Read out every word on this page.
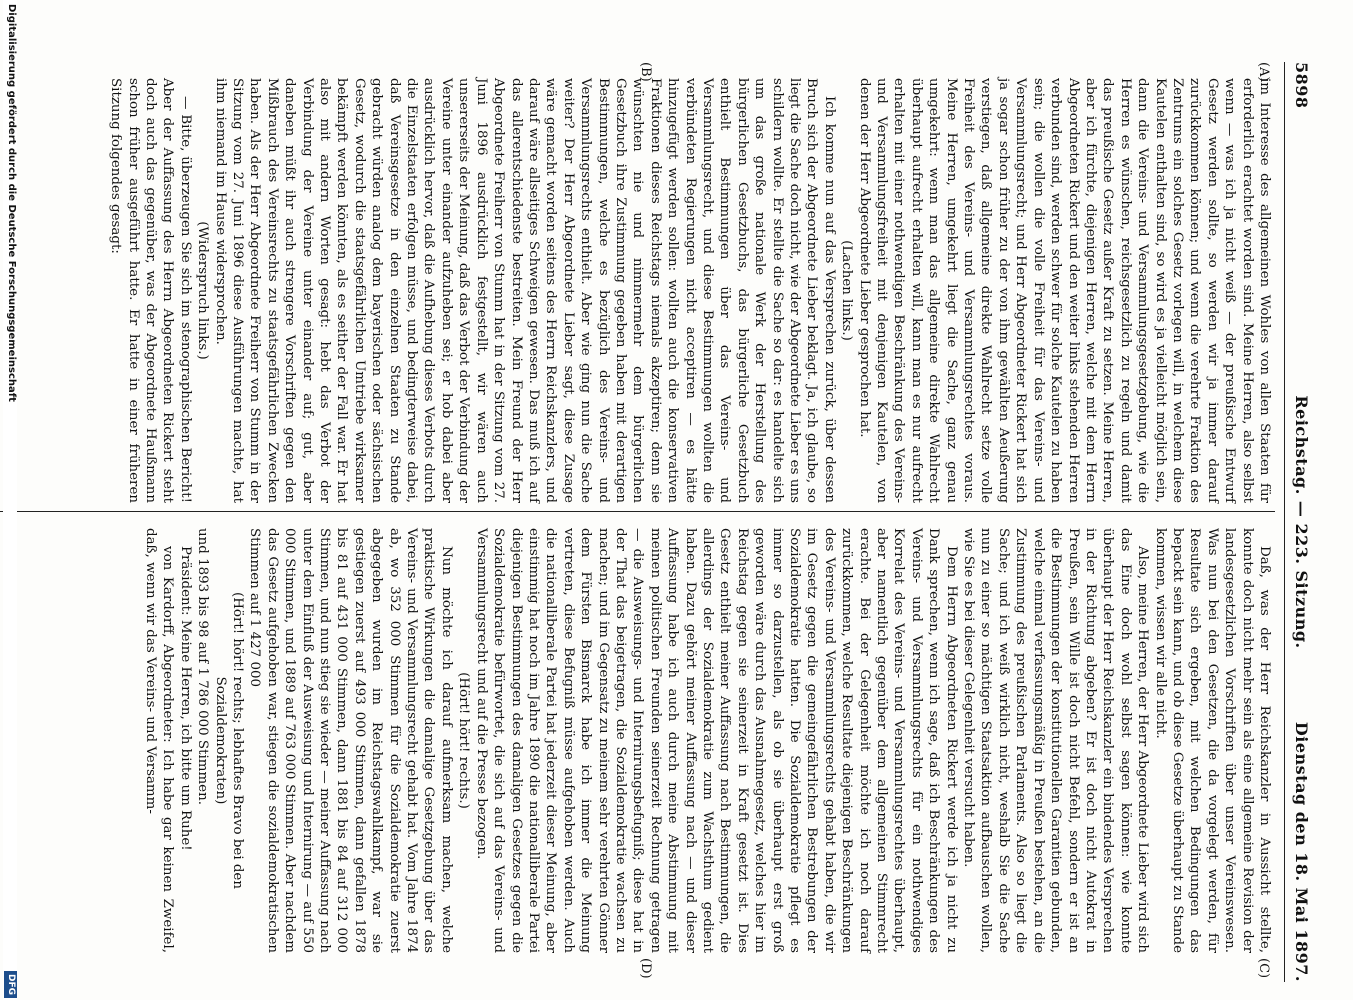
5898
Reichstag. — 223. Sitzung.
Dienstag den 18. Mai 1897.
(A)
(B)
(C)
(D)

im Interesse des allgemeinen Wohles von allen Staaten für erforderlich erachtet worden sind. Meine Herren, also selbst wenn — was ich ja nicht weiß — der preußische Entwurf Gesetz werden sollte, so werden wir ja immer darauf zurückkommen können; und wenn die verehrte Fraktion des Zentrums ein solches Gesetz vorlegen will, in welchem diese Kautelen enthalten sind, so wird es ja vielleicht möglich sein, dann die Vereins- und Versammlungsgesetzgebung, wie die Herren es wünschen, reichsgesetzlich zu regeln und damit das preußische Gesetz außer Kraft zu setzen. Meine Herren, aber ich fürchte, diejenigen Herren, welche mit dem Herrn Abgeordneten Rickert und den weiter links stehenden Herren verbunden sind, werden schwer für solche Kautelen zu haben sein; die wollen die volle Freiheit für das Vereins- und Versammlungsrecht; und Herr Abgeordneter Rickert hat sich ja sogar schon früher zu der von ihm gewählten Aeußerung verstiegen, daß allgemeine direkte Wahlrecht setze volle Freiheit des Vereins- und Versammlungsrechtes voraus. Meine Herren, umgekehrt liegt die Sache, ganz genau umgekehrt: wenn man das allgemeine direkte Wahlrecht überhaupt aufrecht erhalten will, kann man es nur aufrecht erhalten mit einer nothwendigen Beschränkung des Vereins- und Versammlungsfreiheit mit denjenigen Kautelen, von denen der Herr Abgeordnete Lieber gesprochen hat.

(Lachen links.)

Ich komme nun auf das Versprechen zurück, über dessen Bruch sich der Abgeordnete Lieber beklagt. Ja, ich glaube, so liegt die Sache doch nicht, wie der Abgeordnete Lieber es uns schildern wollte. Er stellte die Sache so dar: es handelte sich um das große nationale Werk der Herstellung des bürgerlichen Gesetzbuchs, das bürgerliche Gesetzbuch enthielt Bestimmungen über das Vereins- und Versammlungsrecht, und diese Bestimmungen wollten die verbündeten Regierungen nicht acceptiren — es hätte hinzugefügt werden sollen: wollten auch die konservativen Fraktionen dieses Reichstags niemals akzeptiren; denn sie wünschten nie und nimmermehr dem bürgerlichen Gesetzbuch ihre Zustimmung gegeben haben mit derartigen Bestimmungen, welche es bezüglich des Vereins- und Versammlungsrechts enthielt. Aber wie ging nun die Sache weiter? Der Herr Abgeordnete Lieber sagt, diese Zusage wäre gemacht worden seitens des Herrn Reichskanzlers, und darauf wäre allseitiges Schweigen gewesen. Das muß ich auf das allerentschiedenste bestreiten. Mein Freund der Herr Abgeordnete Freiherr von Stumm hat in der Sitzung vom 27. Juni 1896 ausdrücklich festgestellt, wir wären auch unsererseits der Meinung, daß das Verbot der Verbindung der Vereine unter einander aufzuheben sei; er hob dabei aber ausdrücklich hervor, daß die Aufhebung dieses Verbots durch die Einzelstaaten erfolgen müsse, und bedingterweise dabei, daß Vereinsgesetze in den einzelnen Staaten zu Stande gebracht würden analog dem bayerischen oder sächsischen Gesetz, wodurch die staatsgefährlichen Umtriebe wirksamer bekämpft werden könnten, als es seither der Fall war. Er hat also mit andern Worten gesagt: hebt das Verbot der Verbindung der Vereine unter einander auf; gut, aber daneben müßt ihr auch strengere Vorschriften gegen den Mißbrauch des Vereinsrechts zu staatsgefährlichen Zwecken haben. Als der Herr Abgeordnete Freiherr von Stumm in der Sitzung vom 27. Juni 1896 diese Ausführungen machte, hat ihm niemand im Hause widersprochen.

(Widerspruch links.)

— Bitte, überzeugen Sie sich im stenographischen Bericht! Aber der Auffassung des Herrn Abgeordneten Rickert steht doch auch das gegenüber, was der Abgeordnete Haußmann schon früher ausgeführt hatte. Er hatte in einer früheren Sitzung folgendes gesagt:

Daß, was der Herr Reichskanzler in Aussicht stellte, konnte doch nicht mehr sein als eine allgemeine Revision der landesgesetzlichen Vorschriften über unser Vereinswesen. Was nun bei den Gesetzen, die da vorgelegt werden, für Resultate sich ergeben, mit welchen Bedingungen das bepackt sein kann, und ob diese Gesetze überhaupt zu Stande kommen, wissen wir alle nicht.

Also, meine Herren, der Herr Abgeordnete Lieber wird sich das Eine doch wohl selbst sagen können: wie konnte überhaupt der Herr Reichskanzler ein bindendes Versprechen in der Richtung abgeben? Er ist doch nicht Autokrat in Preußen, sein Wille ist doch nicht Befehl, sondern er ist an die Bestimmungen der konstitutionellen Garantien gebunden, welche einmal verfassungsmäßig in Preußen bestehen, an die Zustimmung des preußischen Parlaments. Also so liegt die Sache; und ich weiß wirklich nicht, weshalb Sie die Sache nun zu einer so mächtigen Staatsaktion aufbauschen wollen, wie Sie es bei dieser Gelegenheit versucht haben.

Dem Herrn Abgeordneten Rickert werde ich ja nicht zu Dank sprechen, wenn ich sage, daß ich Beschränkungen des Vereins- und Versammlungsrechts für ein nothwendiges Korrelat des Vereins- und Versammlungsrechtes überhaupt, aber namentlich gegenüber dem allgemeinen Stimmrecht erachte. Bei der Gelegenheit möchte ich noch darauf zurückkommen, welche Resultate diejenigen Beschränkungen des Vereins- und Versammlungsrechts gehabt haben, die wir im Gesetz gegen die gemeingefährlichen Bestrebungen der Sozialdemokratie hatten. Die Sozialdemokratie pflegt es immer so darzustellen, als ob sie überhaupt erst groß geworden wäre durch das Ausnahmegesetz, welches hier im Reichstag gegen sie seinerzeit in Kraft gesetzt ist. Dies Gesetz enthielt meiner Auffassung nach Bestimmungen, die allerdings der Sozialdemokratie zum Wachsthum gedient haben. Dazu gehört meiner Auffassung nach — und dieser Auffassung habe ich auch durch meine Abstimmung mit meinen politischen Freunden seinerzeit Rechnung getragen — die Ausweisungs- und Internirungsbefugniß; diese hat in der That das beigetragen, die Sozialdemokratie wachsen zu machen; und im Gegensatz zu meinem sehr verehrten Gönner dem Fürsten Bismarck habe ich immer die Meinung vertreten, diese Befugniß müsse aufgehoben werden. Auch die nationalliberale Partei hat jederzeit dieser Meinung, aber einstimmig hat noch im Jahre 1890 die nationalliberale Partei diejenigen Bestimmungen des damaligen Gesetzes gegen die Sozialdemokratie befürwortet, die sich auf das Vereins- und Versammlungsrecht und auf die Presse bezogen.

(Hört! hört! rechts.)

Nun möchte ich darauf aufmerksam machen, welche praktische Wirkungen die damalige Gesetzgebung über das Vereins- und Versammlungsrecht gehabt hat. Vom Jahre 1874 ab, wo 352 000 Stimmen für die Sozialdemokratie zuerst abgegeben wurden im Reichstagswahlkampf, war sie gestiegen zuerst auf 493 000 Stimmen, dann gefallen 1878 bis 81 auf 431 000 Stimmen, dann 1881 bis 84 auf 312 000 Stimmen, und nun stieg sie wieder — meiner Auffassung nach unter dem Einfluß der Ausweisung und Internirung — auf 550 000 Stimmen, und 1889 auf 763 000 Stimmen. Aber nachdem das Gesetz aufgehoben war, stiegen die sozialdemokratischen Stimmen auf 1 427 000

(Hört! hört! rechts; lebhaftes Bravo bei den Sozialdemokraten)

und 1893 bis 98 auf 1 786 000 Stimmen.

Präsident: Meine Herren, ich bitte um Ruhe!

von Kardorff, Abgeordneter: Ich habe gar keinen Zweifel, daß, wenn wir das Vereins- und Versamm-

Digitalisierung gefördert durch die Deutsche Forschungsgemeinschaft
DFG
